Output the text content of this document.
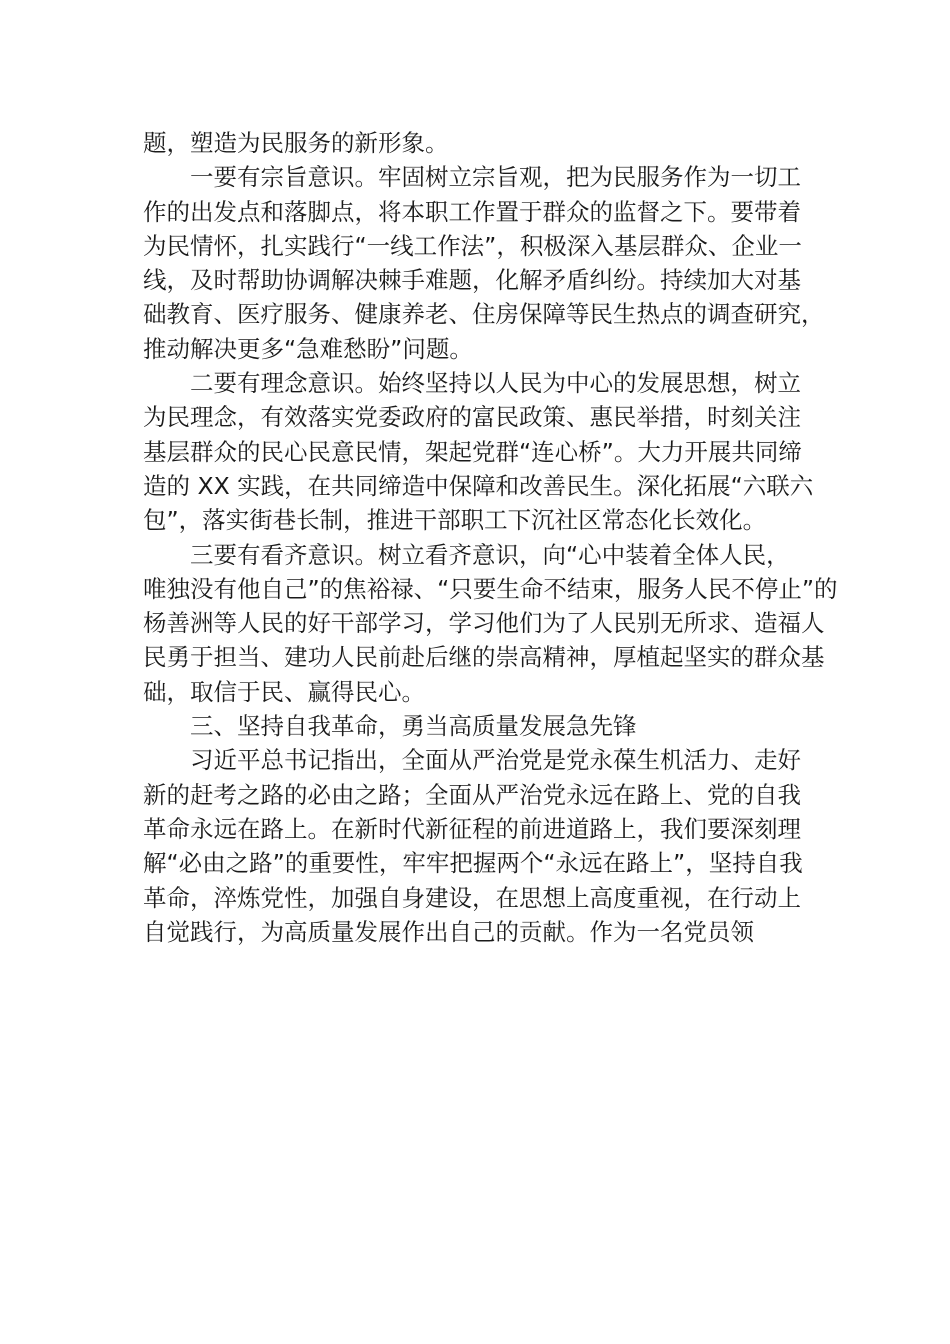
题，塑造为民服务的新形象。

一要有宗旨意识。牢固树立宗旨观，把为民服务作为一切工
作的出发点和落脚点，将本职工作置于群众的监督之下。要带着
为民情怀，扎实践行“一线工作法”，积极深入基层群众、企业一
线，及时帮助协调解决棘手难题，化解矛盾纠纷。持续加大对基
础教育、医疗服务、健康养老、住房保障等民生热点的调查研究，
推动解决更多“急难愁盼”问题。

二要有理念意识。始终坚持以人民为中心的发展思想，树立
为民理念，有效落实党委政府的富民政策、惠民举措，时刻关注
基层群众的民心民意民情，架起党群“连心桥”。大力开展共同缔
造的 XX 实践，在共同缔造中保障和改善民生。深化拓展“六联六
包”，落实街巷长制，推进干部职工下沉社区常态化长效化。

三要有看齐意识。树立看齐意识，向“心中装着全体人民，
唯独没有他自己”的焦裕禄、“只要生命不结束，服务人民不停止”的
杨善洲等人民的好干部学习，学习他们为了人民别无所求、造福人
民勇于担当、建功人民前赴后继的崇高精神，厚植起坚实的群众基
础，取信于民、赢得民心。

三、坚持自我革命，勇当高质量发展急先锋

习近平总书记指出，全面从严治党是党永葆生机活力、走好
新的赶考之路的必由之路；全面从严治党永远在路上、党的自我
革命永远在路上。在新时代新征程的前进道路上，我们要深刻理
解“必由之路”的重要性，牢牢把握两个“永远在路上”，坚持自我
革命，淬炼党性，加强自身建设，在思想上高度重视，在行动上
自觉践行，为高质量发展作出自己的贡献。作为一名党员领
